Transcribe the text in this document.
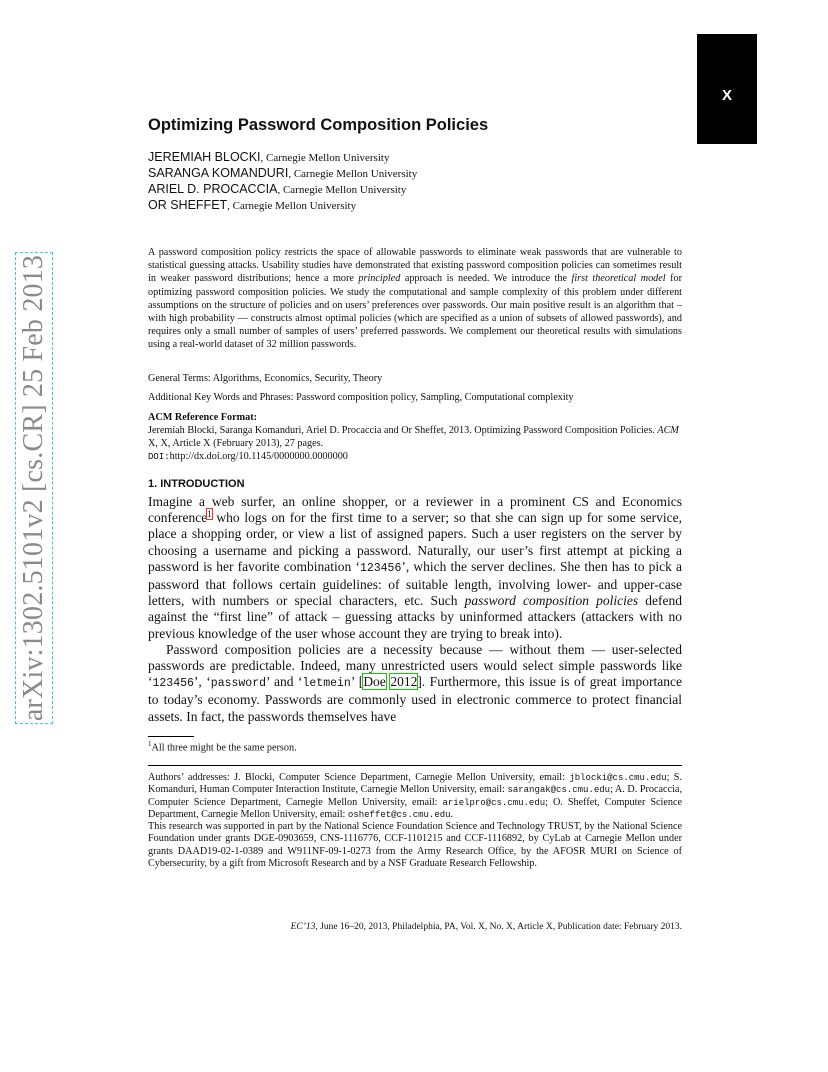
X
arXiv:1302.5101v2 [cs.CR] 25 Feb 2013
Optimizing Password Composition Policies
JEREMIAH BLOCKI, Carnegie Mellon University
SARANGA KOMANDURI, Carnegie Mellon University
ARIEL D. PROCACCIA, Carnegie Mellon University
OR SHEFFET, Carnegie Mellon University

A password composition policy restricts the space of allowable passwords to eliminate weak passwords that are vulnerable to statistical guessing attacks. Usability studies have demonstrated that existing password composition policies can sometimes result in weaker password distributions; hence a more principled approach is needed. We introduce the first theoretical model for optimizing password composition policies. We study the computational and sample complexity of this problem under different assumptions on the structure of policies and on users’ preferences over passwords. Our main positive result is an algorithm that – with high probability — constructs almost optimal policies (which are specified as a union of subsets of allowed passwords), and requires only a small number of samples of users’ preferred passwords. We complement our theoretical results with simulations using a real-world dataset of 32 million passwords.

General Terms: Algorithms, Economics, Security, Theory
Additional Key Words and Phrases: Password composition policy, Sampling, Computational complexity
ACM Reference Format:
Jeremiah Blocki, Saranga Komanduri, Ariel D. Procaccia and Or Sheffet, 2013. Optimizing Password Composition Policies. ACM X, X, Article X (February 2013), 27 pages.
DOI:http://dx.doi.org/10.1145/0000000.0000000
1. INTRODUCTION

Imagine a web surfer, an online shopper, or a reviewer in a prominent CS and Economics conference$^1$ who logs on for the first time to a server; so that she can sign up for some service, place a shopping order, or view a list of assigned papers. Such a user registers on the server by choosing a username and picking a password. Naturally, our user’s first attempt at picking a password is her favorite combination ‘123456’, which the server declines. She then has to pick a password that follows certain guidelines: of suitable length, involving lower- and upper-case letters, with numbers or special characters, etc. Such password composition policies defend against the “first line” of attack – guessing attacks by uninformed attackers (attackers with no previous knowledge of the user whose account they are trying to break into).

Password composition policies are a necessity because — without them — user-selected passwords are predictable. Indeed, many unrestricted users would select simple passwords like ‘123456’, ‘password’ and ‘letmein’ [Doe 2012]. Furthermore, this issue is of great importance to today’s economy. Passwords are commonly used in electronic commerce to protect financial assets. In fact, the passwords themselves have

$^1$All three might be the same person.

Authors’ addresses: J. Blocki, Computer Science Department, Carnegie Mellon University, email: jblocki@cs.cmu.edu; S. Komanduri, Human Computer Interaction Institute, Carnegie Mellon University, email: sarangak@cs.cmu.edu; A. D. Procaccia, Computer Science Department, Carnegie Mellon University, email: arielpro@cs.cmu.edu; O. Sheffet, Computer Science Department, Carnegie Mellon University, email: osheffet@cs.cmu.edu.

This research was supported in part by the National Science Foundation Science and Technology TRUST, by the National Science Foundation under grants DGE-0903659, CNS-1116776, CCF-1101215 and CCF-1116892, by CyLab at Carnegie Mellon under grants DAAD19-02-1-0389 and W911NF-09-1-0273 from the Army Research Office, by the AFOSR MURI on Science of Cybersecurity, by a gift from Microsoft Research and by a NSF Graduate Research Fellowship.

EC’13, June 16–20, 2013, Philadelphia, PA, Vol. X, No. X, Article X, Publication date: February 2013.
